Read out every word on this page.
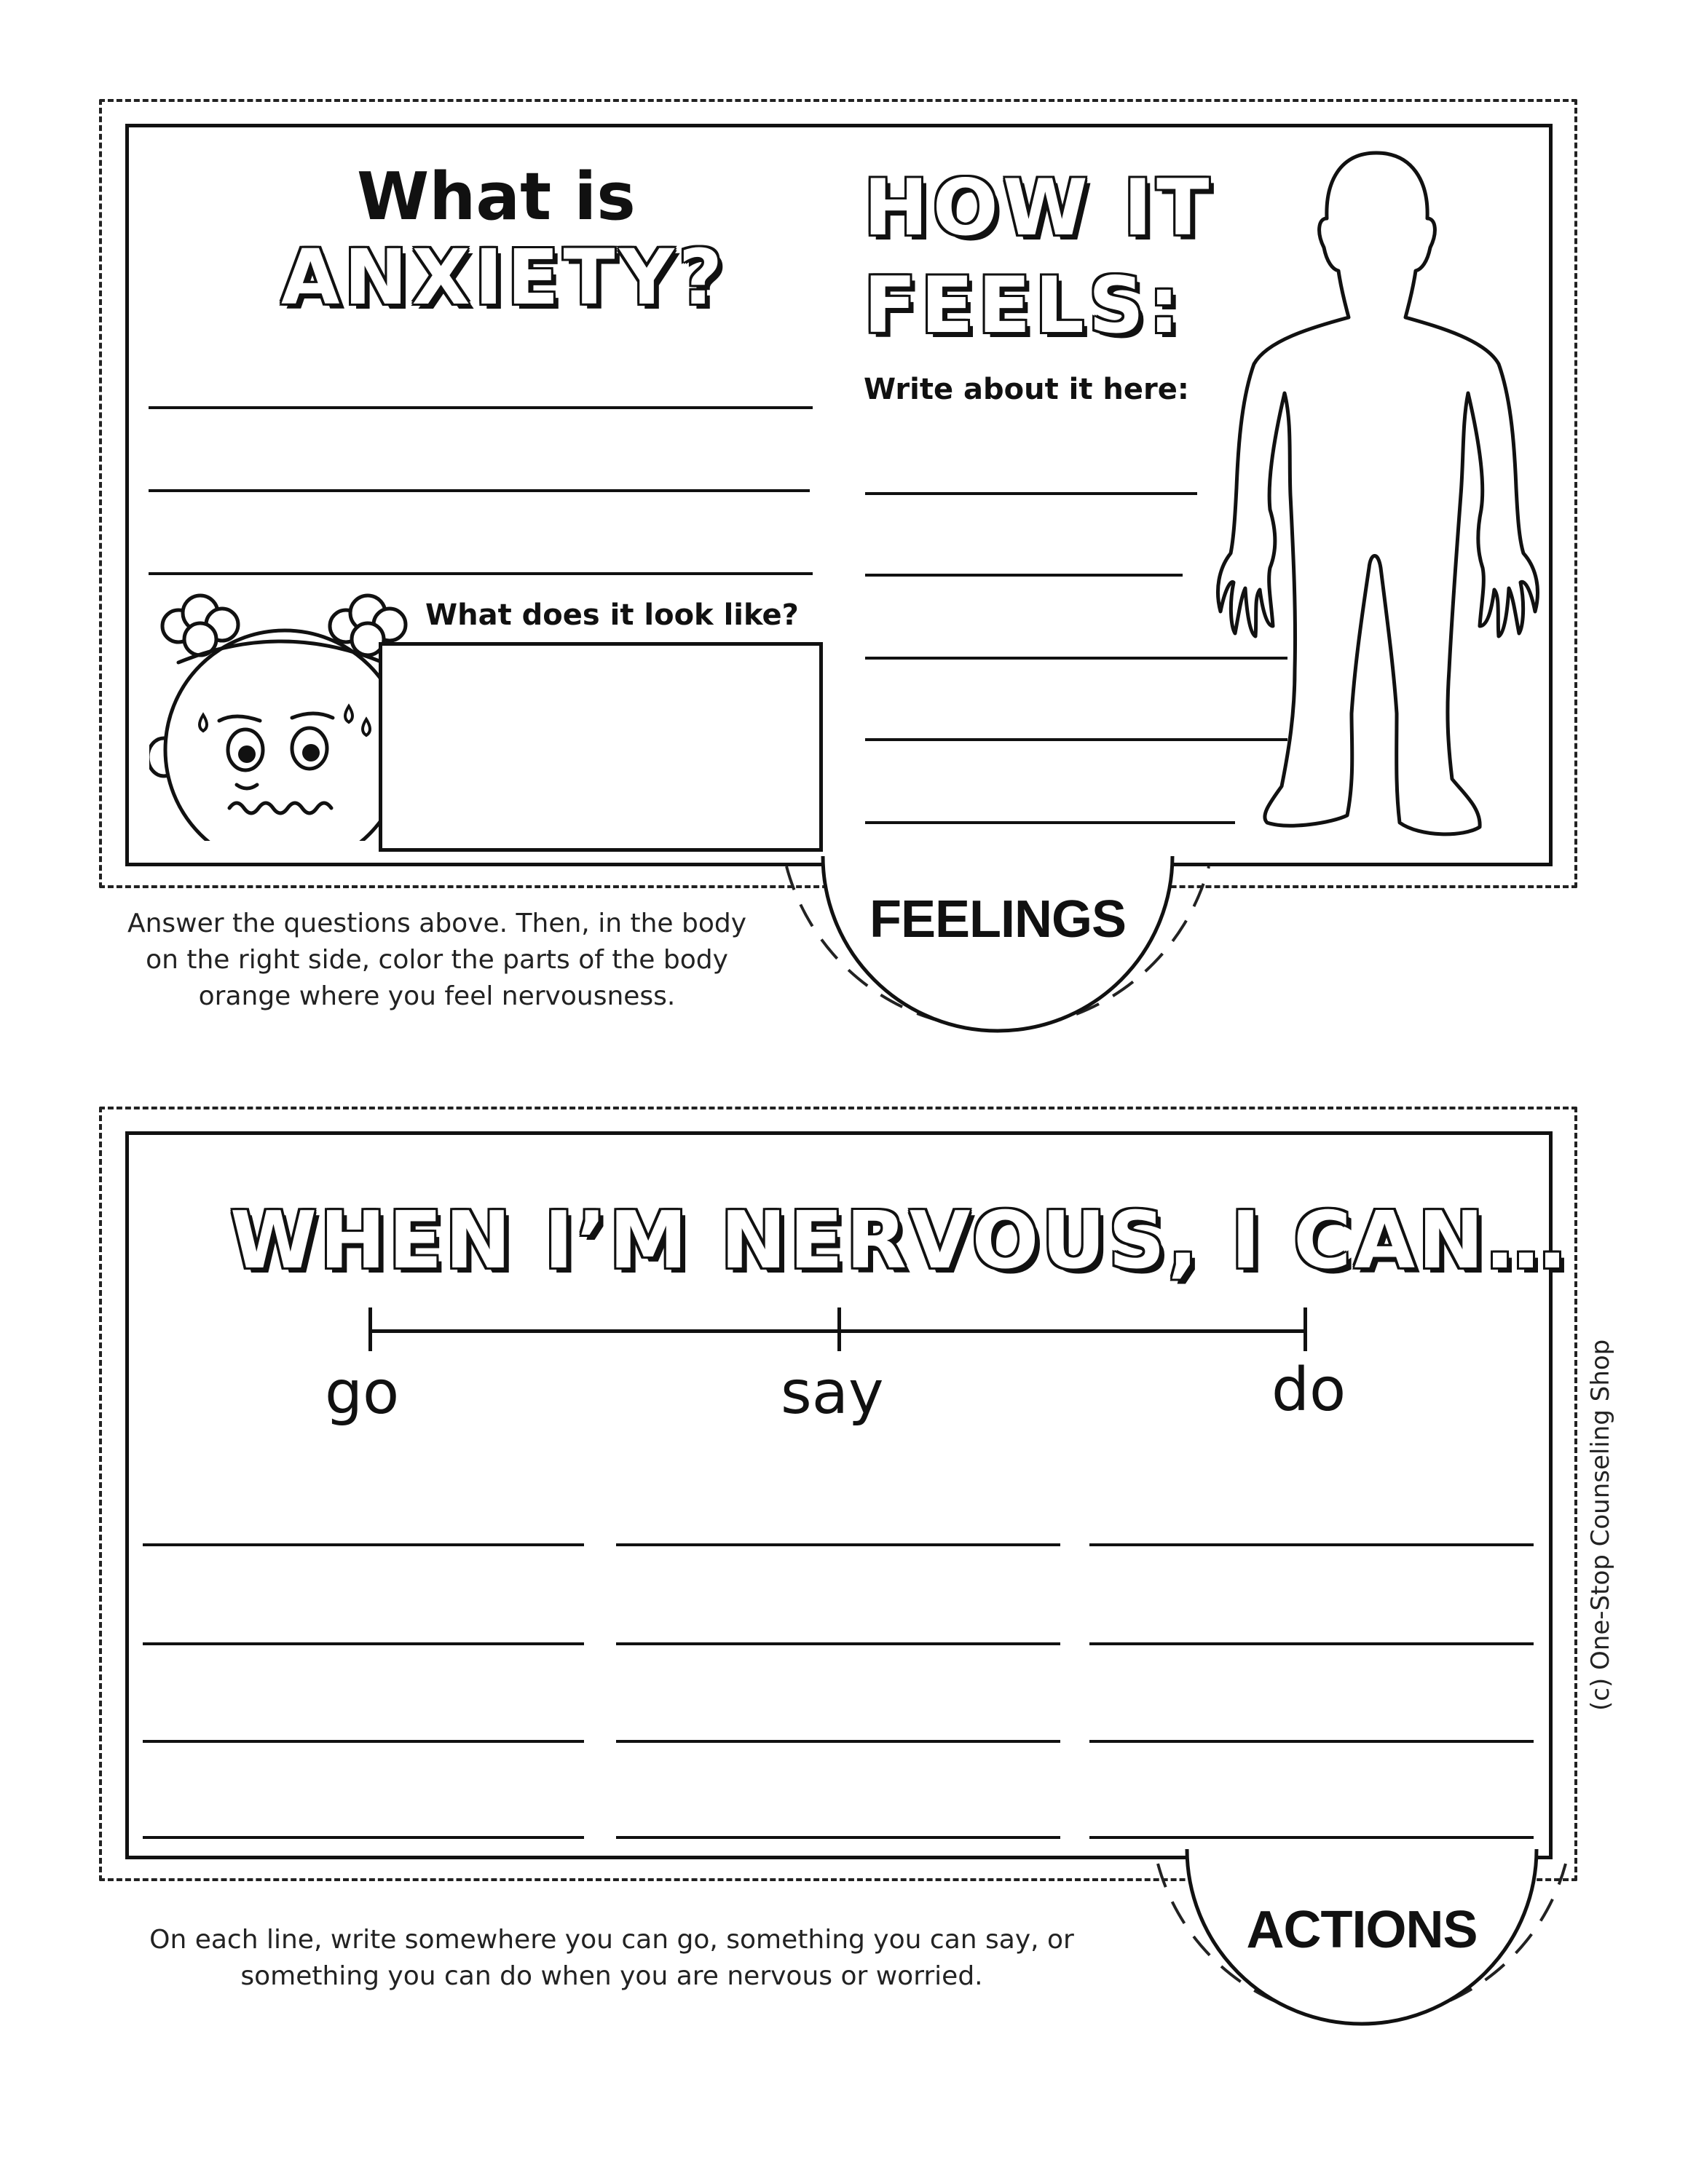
What is
ANXIETY?
What does it look like?
HOW IT
FEELS:
Write about it here:
FEELINGS
Answer the questions above. Then, in the body
on the right side, color the parts of the body
orange where you feel nervousness.
WHEN I’M NERVOUS, I CAN…
go	say	do
ACTIONS
On each line, write somewhere you can go, something you can say, or
something you can do when you are nervous or worried.
(c) One-Stop Counseling Shop
